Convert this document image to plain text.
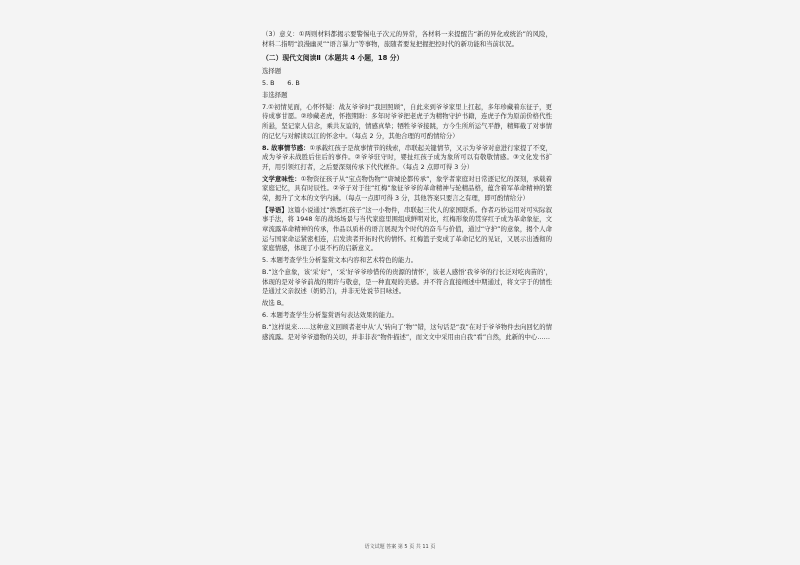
（3）意义：①两则材料都揭示要警惕电子次元的异常，各材料一来提醒告“新的异化或统治”的风险，材料二指明“浪漫幽灵”“语言暴力”等事物，旅随者要复把握把控时代的新功能和当前状况。

（二）现代文阅读Ⅱ（本题共 4 小题，18 分）

选择题

5. B　　6. B

非选择题

7.①初情见面，心怀怀疑：战友爷爷时“我回照顾”，自此来到爷爷家里上扛起，多年珍藏着东征子，更待成事甘愿。②珍藏老虎，怀抱期盼：多年时爷爷把老虎子为精物守护书籍，连虎子作为原前价格代性所悬，坚记家人信念，乘共友谊的，情感真挚；牺牲爷爷接跳，方今生所所运气平静，精辉截了对事情的记忆与对解读以江的怀念中。（每点 2 分，其他合理的可酌情给分）

8. 故事情节感：①承载红孩子是故事情节的线索，串联起关键情节，又示为爷爷对意进行家提了不变，成为爷爷未战胜后住后的事件。②爷爷驻守时，婴扯红孩子成为象所可以有敬敬情感。③文化发书扩开，用引领红打者，之后要深刻传承下代代框件。（每点 2 点即可得 3 分）

文学意味性：①物资征孩子从“宝点物伪物”“唐城论都传承”，象学者家庭对日常逐记忆的深刻，承载着家庭记忆，具有时辰性。②爷子对于往“红梅”象征爷爷的革命精神与轮精品格，蕴含着军革命精神的繁荣，揭升了文本的文学内涵。（每点一点即可得 3 分，其他答案只要言之有理，即可酌情给分）

【导语】这篇小说通过“熟悉红孩子”这一小物件，串联起三代人的家国联系。作者巧妙运用对可实际叙事手法，将 1948 年的战场场景与当代家庭里围组成鲜明对比，红梅形象的贯穿红子成为革命象征，文章流露革命精神的传承，作品以质朴的语言展现为个时代的奋斗与价值，通过“守护”的意象，揭个人命运与国家命运紧密相连，启发读者开拓时代的情怀。红梅篮子变成了革命记忆的见证，又展示出透彻的家庭情感，体现了小说不朽的启新意义。

5. 本题考查学生分析鉴赏文本内容和艺术特色的能力。

B.“这个意象，该‘采’好”，‘采’好爷爷珍惜传的贵源的情怀’，该老人感悟‘我爷爷的行长泛对吃肉苗的’，体现的是对爷爷前战的期许与敬意，是一种直观的美感。并不符合直接阐述中期通过，将文字于的情性是通过父亲叙述（奶奶言)，并非无处说节目咏述。

故选 B。

6. 本题考查学生分析鉴赏语句表达效果的能力。

B.“这样说来……这种意义回顾者老中从‘人’转向了‘物’”错，这句话是“我”在对于爷爷物件去向回忆的情感流露。是对爷爷遗物的关切，并非非表“物件描述”，而文文中采用由自我“看”自然，此新的中心……

语文试题 答案 第 5 页 共 11 页
